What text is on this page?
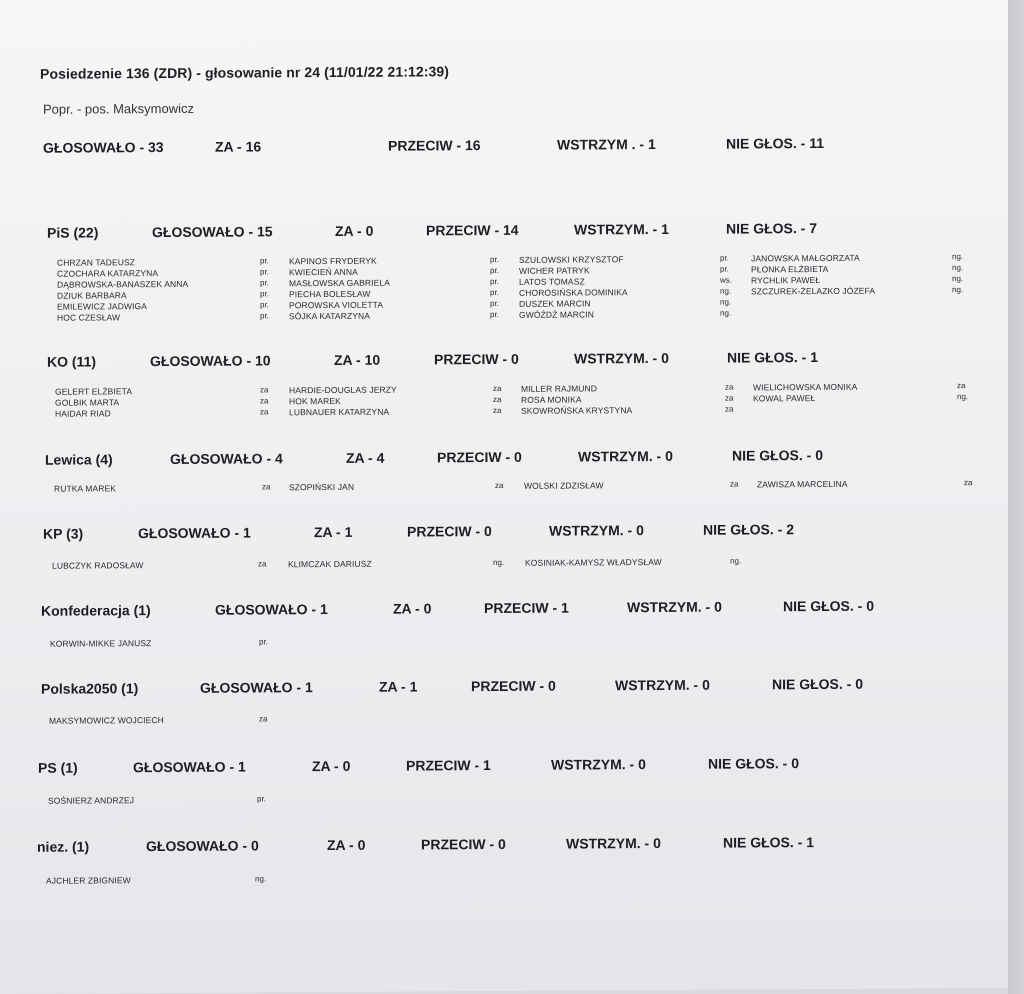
Posiedzenie 136 (ZDR) - głosowanie nr 24 (11/01/22 21:12:39)
Popr. - pos. Maksymowicz
GŁOSOWAŁO - 33	ZA - 16	PRZECIW - 16	WSTRZYM . - 1	NIE GŁOS. - 11
PiS (22)	GŁOSOWAŁO - 15	ZA - 0	PRZECIW - 14	WSTRZYM. - 1	NIE GŁOS. - 7
CHRZAN TADEUSZ	pr.
CZOCHARA KATARZYNA	pr.
DĄBROWSKA-BANASZEK ANNA	pr.
DZIUK BARBARA	pr.
EMILEWICZ JADWIGA	pr.
HOC CZESŁAW	pr.
KAPINOS FRYDERYK	pr.
KWIECIEŃ ANNA	pr.
MASŁOWSKA GABRIELA	pr.
PIECHA BOLESŁAW	pr.
POROWSKA VIOLETTA	pr.
SÓJKA KATARZYNA	pr.
SZULOWSKI KRZYSZTOF	pr.
WICHER PATRYK	pr.
LATOS TOMASZ	ws.
CHOROSIŃSKA DOMINIKA	ng.
DUSZEK MARCIN	ng.
GWÓŹDŹ MARCIN	ng.
JANOWSKA MAŁGORZATA	ng.
PŁONKA ELŻBIETA	ng.
RYCHLIK PAWEŁ	ng.
SZCZUREK-ŻELAZKO JÓZEFA	ng.
KO (11)	GŁOSOWAŁO - 10	ZA - 10	PRZECIW - 0	WSTRZYM. - 0	NIE GŁOS. - 1
GELERT ELŻBIETA	za
GOLBIK MARTA	za
HAIDAR RIAD	za
HARDIE-DOUGLAS JERZY	za
HOK MAREK	za
LUBNAUER KATARZYNA	za
MILLER RAJMUND	za
ROSA MONIKA	za
SKOWROŃSKA KRYSTYNA	za
WIELICHOWSKA MONIKA	za
KOWAL PAWEŁ	ng.
Lewica (4)	GŁOSOWAŁO - 4	ZA - 4	PRZECIW - 0	WSTRZYM. - 0	NIE GŁOS. - 0
RUTKA MAREK	za SZOPIŃSKI JAN	za WOLSKI ZDZISŁAW	za ZAWISZA MARCELINA	za
KP (3)	GŁOSOWAŁO - 1	ZA - 1	PRZECIW - 0	WSTRZYM. - 0	NIE GŁOS. - 2
LUBCZYK RADOSŁAW	za	KLIMCZAK DARIUSZ	ng. KOSINIAK-KAMYSZ WŁADYSŁAW	ng.
Konfederacja (1)	GŁOSOWAŁO - 1	ZA - 0	PRZECIW - 1	WSTRZYM. - 0	NIE GŁOS. - 0
KORWIN-MIKKE JANUSZ	pr.
Polska2050 (1)	GŁOSOWAŁO - 1	ZA - 1	PRZECIW - 0	WSTRZYM. - 0	NIE GŁOS. - 0
MAKSYMOWICZ WOJCIECH	za
PS (1)	GŁOSOWAŁO - 1	ZA - 0	PRZECIW - 1	WSTRZYM. - 0	NIE GŁOS. - 0
SOŚNIERZ ANDRZEJ	pr.
niez. (1)	GŁOSOWAŁO - 0	ZA - 0	PRZECIW - 0	WSTRZYM. - 0	NIE GŁOS. - 1
AJCHLER ZBIGNIEW	ng.
